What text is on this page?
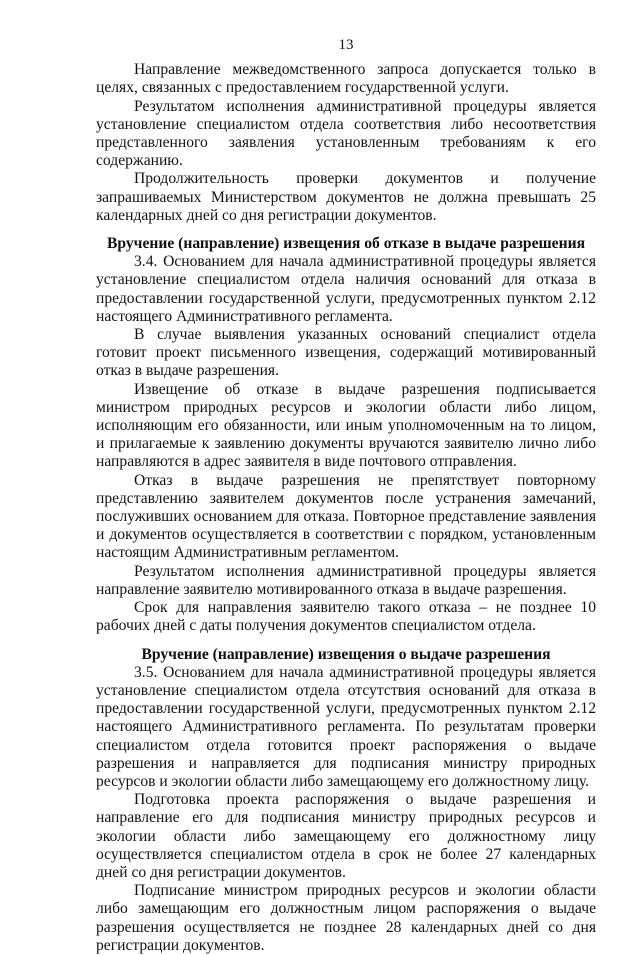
13

Направление межведомственного запроса допускается только в целях, связанных с предоставлением государственной услуги.

Результатом исполнения административной процедуры является установление специалистом отдела соответствия либо несоответствия представленного заявления установленным требованиям к его содержанию.

Продолжительность проверки документов и получение запрашиваемых Министерством документов не должна превышать 25 календарных дней со дня регистрации документов.

Вручение (направление) извещения об отказе в выдаче разрешения

3.4. Основанием для начала административной процедуры является установление специалистом отдела наличия оснований для отказа в предоставлении государственной услуги, предусмотренных пунктом 2.12 настоящего Административного регламента.

В случае выявления указанных оснований специалист отдела готовит проект письменного извещения, содержащий мотивированный отказ в выдаче разрешения.

Извещение об отказе в выдаче разрешения подписывается министром природных ресурсов и экологии области либо лицом, исполняющим его обязанности, или иным уполномоченным на то лицом, и прилагаемые к заявлению документы вручаются заявителю лично либо направляются в адрес заявителя в виде почтового отправления.

Отказ в выдаче разрешения не препятствует повторному представлению заявителем документов после устранения замечаний, послуживших основанием для отказа. Повторное представление заявления и документов осуществляется в соответствии с порядком, установленным настоящим Административным регламентом.

Результатом исполнения административной процедуры является направление заявителю мотивированного отказа в выдаче разрешения.

Срок для направления заявителю такого отказа – не позднее 10 рабочих дней с даты получения документов специалистом отдела.

Вручение (направление) извещения о выдаче разрешения

3.5. Основанием для начала административной процедуры является установление специалистом отдела отсутствия оснований для отказа в предоставлении государственной услуги, предусмотренных пунктом 2.12 настоящего Административного регламента. По результатам проверки специалистом отдела готовится проект распоряжения о выдаче разрешения и направляется для подписания министру природных ресурсов и экологии области либо замещающему его должностному лицу.

Подготовка проекта распоряжения о выдаче разрешения и направление его для подписания министру природных ресурсов и экологии области либо замещающему его должностному лицу осуществляется специалистом отдела в срок не более 27 календарных дней со дня регистрации документов.

Подписание министром природных ресурсов и экологии области либо замещающим его должностным лицом распоряжения о выдаче разрешения осуществляется не позднее 28 календарных дней со дня регистрации документов.
